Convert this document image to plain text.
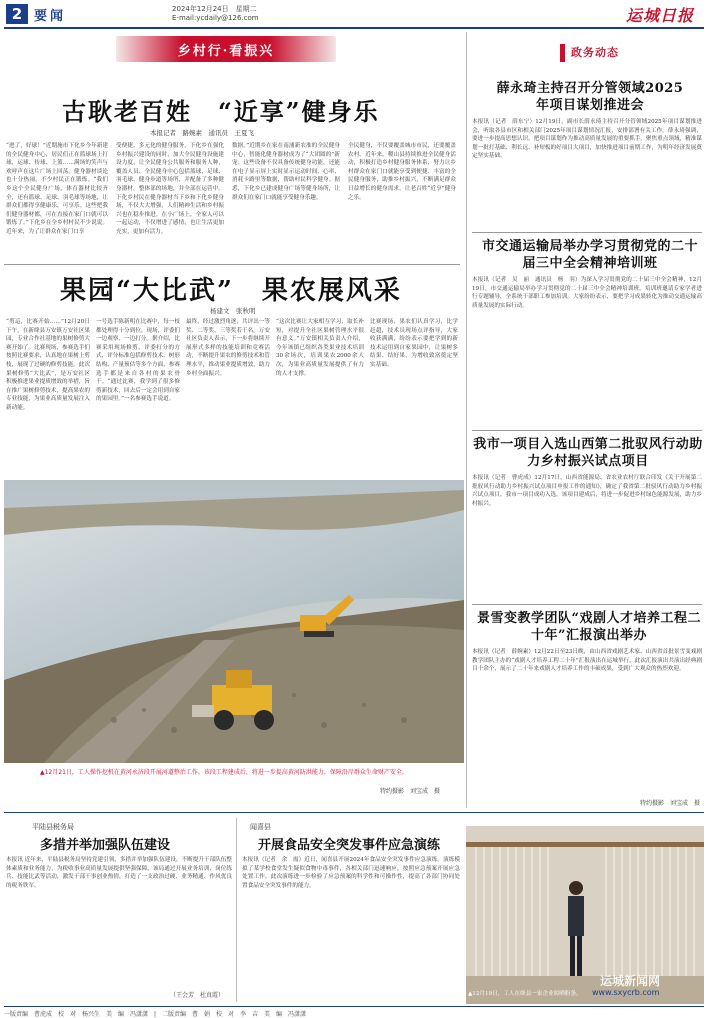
2 要闻	2024年12月24日　星期二
E-mail:ycdaily@126.com	运城日报
乡村行·看振兴
古耿老百姓　“近享”健身乐
本报记者　路婉素　通讯员　王夏飞
“进了，好球！”近期施市下化乡今年新建的全民健身中心，居民们正在篮球场上打球，运球、传球、上篮……满场的笑声与欢呼声在这片广场上回荡。健身器材谈论也十分热闹，不少村民正在锻炼。“我们乡这个全民健身广场，体育器材比较齐全，还有篮球、足球、羽毛球等场地，让群众们都得享健康乐，可享乐。这些把我们健身器材都，可在直接在家门口就可以锻炼了。”下化乡在全乡村村民不少说说。近年来，为了让群众在家门口享
受便捷、多元化的健身服务，下化乡在强化乡村振兴建设的同时，加大全民健身设施建设力度，让全民健身公共服务和服务人种，覆盖人员、全民健身中心包括篮球、足球、羽毛球、健身步道等场所，并配备了多种健身器材。整体部的场地，并全部在运营中。下化乡村民在健身器材当下乡和下化乡健身场，不仅大大增强，人们精神生活和乡村振兴也在稳步推进。在小广场上，全家人可以一起运动，不仅增进了感情，也让生活更加充实，更加有活力。
数据。”近期乡在家在南浦新农准的全民健身中心，智能化健身器材成为了“大团圆的”新宠。这些设备不仅具备传统健身功能，还能在电子显示屏上实时显示运动时间、心率、消耗卡路里等数据，帮助村民科学健身。据悉，下化乡已建成健身广场等健身场所，让群众们在家门口就能享受健身乐趣。
全民健身，不仅要覆盖城市市民，还要覆盖农村。近年来，稷山县持续推进全民健身活动，积极打造乡村健身服务体系，努力让乡村群众在家门口就能享受到便捷、丰富的全民健身服务，助推乡村振兴，不断满足群众日益增长的健身需求，让老百姓“近享”健身之乐。
果园“大比武”　果农展风采
杨建文　张秋明
“剪這，比赛开始……”12月20日下午，在新绛县万安镇万安社区果园，专业合作社基地的果树修剪大赛开始了。比赛现场，参赛选手们按照比赛要求，认真地在果树上剪枝，展现了过硬的修剪技能。此次果树修剪“大比武”，是万安社区积极推进果业提质增效的举措，旨在推广果树修剪技术，提高果农的专业技能，为果业高质量发展注入新动能。
一号选手陈新明在比赛中，每一枝都处理得十分到位。现场，评委们一边观察，一边打分。据介绍，比赛采用现场修剪、评委打分的方式，评分标准包括修剪技术、树形结构、产量预估等多个方面，参赛选手都是来自各村的果农骨干。“通过比赛，我学到了很多修剪新技术，回去后一定会用到自家的果园里。”一名参赛选手说道。
最终，经过激烈角逐，共评出一等奖、二等奖、三等奖若干名。万安社区负责人表示，下一步将继续开展形式多样的技能培训和竞赛活动，不断提升果农的修剪技术和管理水平，推动果业提质增效，助力乡村全面振兴。
“这次比赛让大家相互学习、取长补短，对提升全社区果树管理水平很有意义。”万安镇相关负责人介绍，今年该镇已组织各类果业技术培训30余场次，培训果农2000余人次，为果业高质量发展提供了有力的人才支撑。
比赛现场，果农们认真学习，比学赶超，技术员现场点评指导，大家收获满满，纷纷表示要把学到的新技术运用到自家果园中，让果树多结果、结好果，为增收致富奠定坚实基础。
▲12月21日，工人操作挖机在黄河永济段开展河道整治工作。该段工程建成后，将进一步提高黄河防洪能力，保障沿岸群众生命财产安全。
特约摄影　刘宝成　摄
政务动态
薛永琦主持召开分管领域2025年项目谋划推进会
本报讯（记者　薛东宁）12月19日，副市长薛永琦主持召开分管领域2025年项目谋划推进会，听取各县市区和相关部门2025年项目谋划情况汇报，安排部署有关工作。薛永琦强调，要进一步提高思想认识，把项目谋划作为推动高质量发展的重要抓手，聚焦重点领域，精准谋划一批打基础、利长远、补短板的好项目大项目，加快推进项目前期工作，为明年经济发展奠定坚实基础。
市交通运输局举办学习贯彻党的二十届三中全会精神培训班
本报讯（记者　吴　丽　通讯员　杨　羽）为深入学习贯彻党的二十届三中全会精神，12月19日，市交通运输局举办学习贯彻党的二十届三中全会精神培训班。培训班邀请专家学者进行专题辅导，全系统干部职工参加培训。大家纷纷表示，要把学习成果转化为推动交通运输高质量发展的实际行动。
我市一项目入选山西第二批驭风行动助力乡村振兴试点项目
本报讯（记者　曹虎成）12月17日，山西省能源局、省农业农村厅联合印发《关于开展第二批驭风行动助力乡村振兴试点项目申报工作的通知》，确定了我省第二批驭风行动助力乡村振兴试点项目，我市一项目成功入选。该项目建成后，将进一步促进乡村绿色能源发展，助力乡村振兴。
景雪变教学团队“戏剧人才培养工程二十年”汇报演出举办
本报讯（记者　薛婉素）12月22日至23日晚，由山西省戏剧艺术家、山西省首批景雪变戏剧教学团队主办的“戏剧人才培养工程二十年”汇报演出在运城举行。此次汇报演出共演出经典剧目十余个，展示了二十年来戏剧人才培养工作的丰硕成果，受到广大观众的热烈欢迎。
特约摄影　刘宝成　摄
平陆县税务局
多措并举加强队伍建设
本报讯 近年来，平陆县税务局坚持党建引领，多措并举加强队伍建设，不断提升干部队伍整体素质和业务能力，为税收事业高质量发展提供坚强保障。该局通过开展业务培训、岗位练兵、技能比武等活动，激发干部干事创业热情，打造了一支政治过硬、业务精通、作风优良的税务铁军。
（王会芳　杜真霞）
闻喜县
开展食品安全突发事件应急演练
本报讯（记者　余　霞）近日，闻喜县开展2024年食品安全突发事件应急演练。演练模拟了某学校食堂发生疑似食物中毒事件，各相关部门迅速响应，按照应急预案开展应急处置工作。此次演练进一步检验了应急预案的科学性和可操作性，提高了各部门协同处置食品安全突发事件的能力。
▲12月19日，工人在绛县一家企业晾晒粉条。
运城新闻网
www.sxycrb.com
一版责编　曹虎成　校　对　杨兴生　美　编　冯潇潇　|　二版责编　曹　娟　校　对　李　吉　美　编　冯潇潇
